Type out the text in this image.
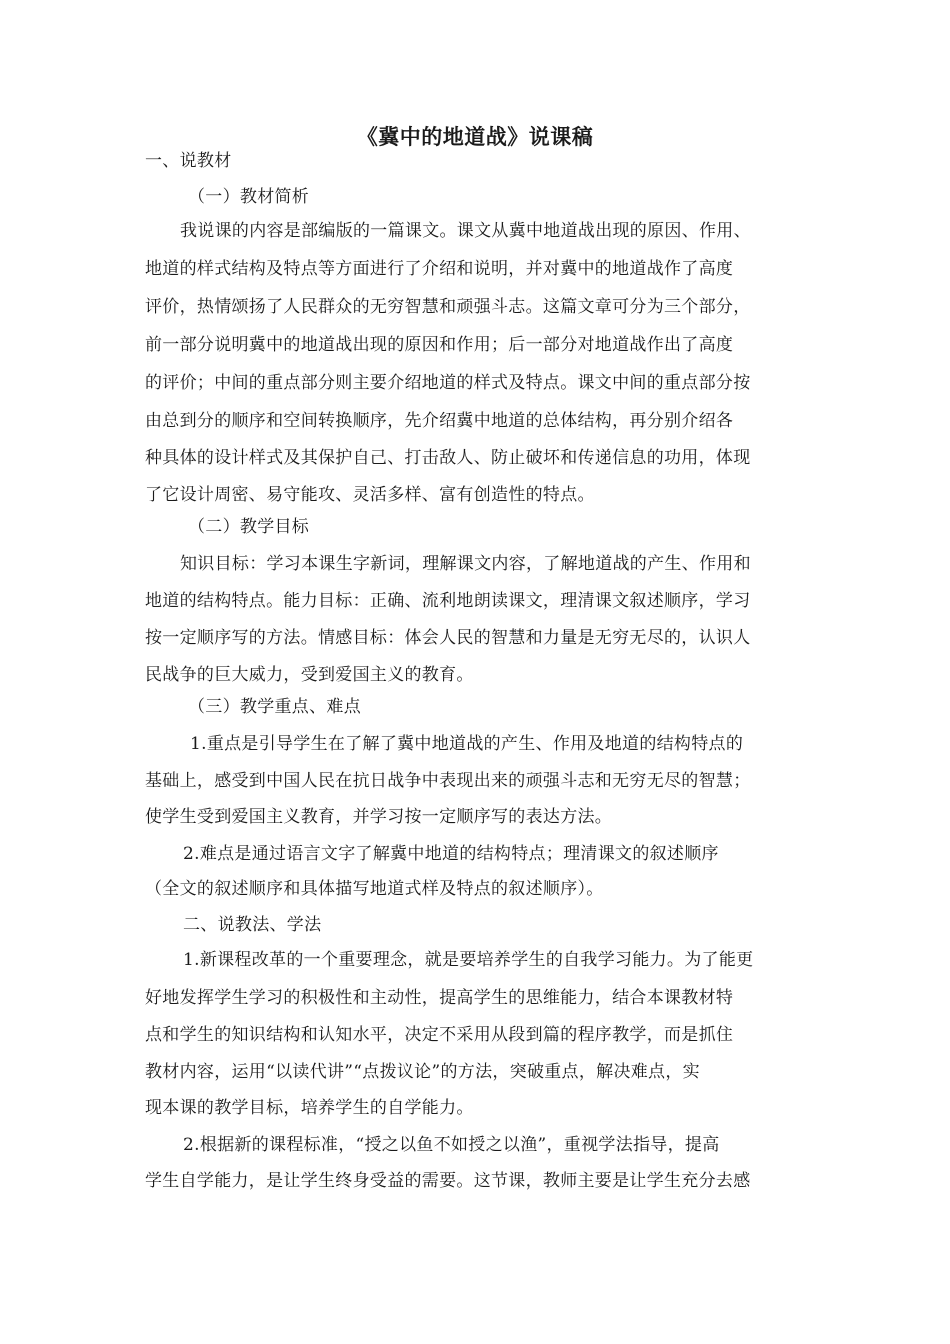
《冀中的地道战》说课稿
一、说教材
（一）教材简析
我说课的内容是部编版的一篇课文。课文从冀中地道战出现的原因、作用、
地道的样式结构及特点等方面进行了介绍和说明，并对冀中的地道战作了高度
评价，热情颂扬了人民群众的无穷智慧和顽强斗志。这篇文章可分为三个部分，
前一部分说明冀中的地道战出现的原因和作用；后一部分对地道战作出了高度
的评价；中间的重点部分则主要介绍地道的样式及特点。课文中间的重点部分按
由总到分的顺序和空间转换顺序，先介绍冀中地道的总体结构，再分别介绍各
种具体的设计样式及其保护自己、打击敌人、防止破坏和传递信息的功用，体现
了它设计周密、易守能攻、灵活多样、富有创造性的特点。
（二）教学目标
知识目标：学习本课生字新词，理解课文内容，了解地道战的产生、作用和
地道的结构特点。能力目标：正确、流利地朗读课文，理清课文叙述顺序，学习
按一定顺序写的方法。情感目标：体会人民的智慧和力量是无穷无尽的，认识人
民战争的巨大威力，受到爱国主义的教育。
（三）教学重点、难点
1.重点是引导学生在了解了冀中地道战的产生、作用及地道的结构特点的
基础上，感受到中国人民在抗日战争中表现出来的顽强斗志和无穷无尽的智慧；
使学生受到爱国主义教育，并学习按一定顺序写的表达方法。
2.难点是通过语言文字了解冀中地道的结构特点；理清课文的叙述顺序
（全文的叙述顺序和具体描写地道式样及特点的叙述顺序）。
二、说教法、学法
1.新课程改革的一个重要理念，就是要培养学生的自我学习能力。为了能更
好地发挥学生学习的积极性和主动性，提高学生的思维能力，结合本课教材特
点和学生的知识结构和认知水平，决定不采用从段到篇的程序教学，而是抓住
教材内容，运用“以读代讲”“点拨议论”的方法，突破重点，解决难点，实
现本课的教学目标，培养学生的自学能力。
2.根据新的课程标准，“授之以鱼不如授之以渔”，重视学法指导，提高
学生自学能力，是让学生终身受益的需要。这节课，教师主要是让学生充分去感
